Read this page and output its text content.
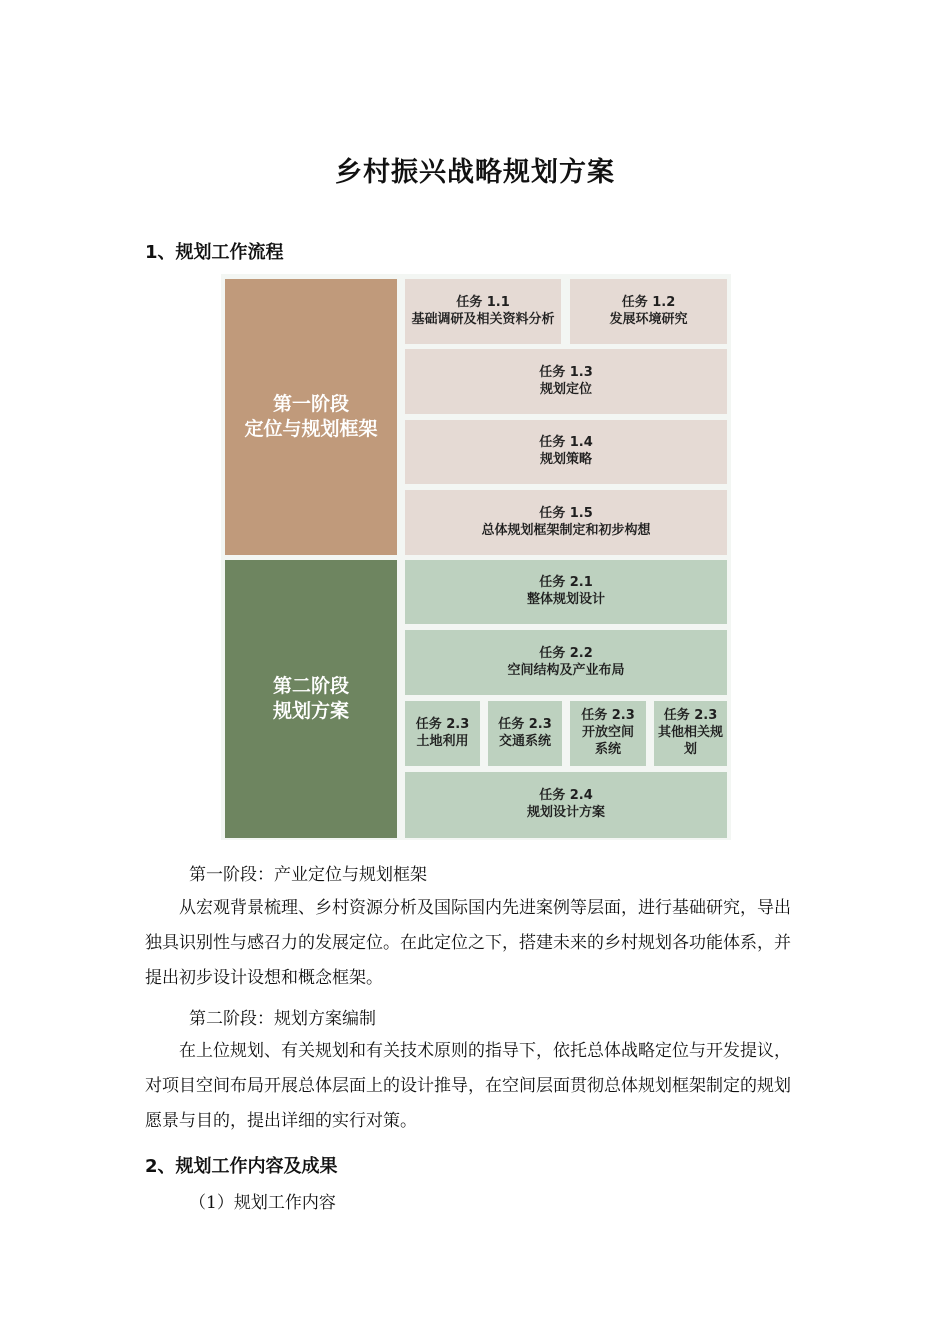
乡村振兴战略规划方案
1、规划工作流程
第一阶段
定位与规划框架
第二阶段
规划方案
任务 1.1
基础调研及相关资料分析
任务 1.2
发展环境研究
任务 1.3
规划定位
任务 1.4
规划策略
任务 1.5
总体规划框架制定和初步构想
任务 2.1
整体规划设计
任务 2.2
空间结构及产业布局
任务 2.3
土地利用
任务 2.3
交通系统
任务 2.3
开放空间系统
任务 2.3
其他相关规划
任务 2.4
规划设计方案
第一阶段：产业定位与规划框架
从宏观背景梳理、乡村资源分析及国际国内先进案例等层面，进行基础研究，导出独具识别性与感召力的发展定位。在此定位之下，搭建未来的乡村规划各功能体系，并提出初步设计设想和概念框架。
第二阶段：规划方案编制
在上位规划、有关规划和有关技术原则的指导下，依托总体战略定位与开发提议，对项目空间布局开展总体层面上的设计推导，在空间层面贯彻总体规划框架制定的规划愿景与目的，提出详细的实行对策。
2、规划工作内容及成果
（1）规划工作内容
